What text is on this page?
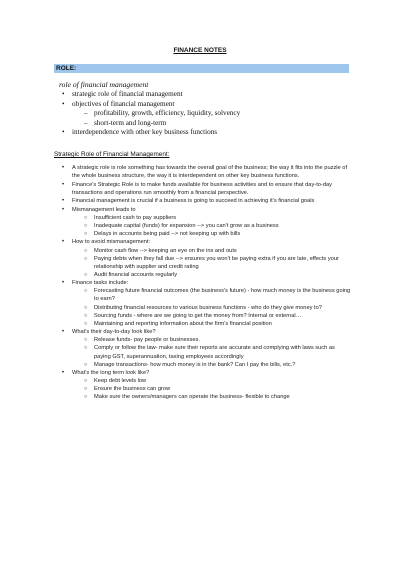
FINANCE NOTES
ROLE:
role of financial management
• strategic role of financial management
• objectives of financial management
– profitability, growth, efficiency, liquidity, solvency
– short-term and long-term
• interdependence with other key business functions
Strategic Role of Financial Management:
• A strategic role is role something has towards the overall goal of the business; the way it fits into the puzzle of the whole business structure, the way it is interdependent on other key business functions.
• Finance's Strategic Role is to make funds available for business activities and to ensure that day-to-day transactions and operations run smoothly from a financial perspective.
• Financial management is crucial if a business is going to succeed in achieving it's financial goals
• Mismanagement leads to
○ Insufficient cash to pay suppliers
○ Inadequate capital (funds) for expansion --> you can't grow as a business
○ Delays in accounts being paid --> not keeping up with bills
• How to avoid mismanagement:
○ Monitor cash flow --> keeping an eye on the ins and outs
○ Paying debts when they fall due --> ensures you won't be paying extra if you are late, effects your relationship with supplier and credit rating
○ Audit financial accounts regularly
• Finance tasks include:
○ Forecasting future financial outcomes (the business's future) - how much money is the business going to earn?
○ Distributing financial resources to various business functions - who do they give money to?
○ Sourcing funds - where are we going to get the money from? Internal or external…
○ Maintaining and reporting information about the firm's financial position
• What's their day-to-day look like?
○ Release funds- pay people or businesses.
○ Comply or follow the law- make sure their reports are accurate and complying with laws such as paying GST, superannuation, taxing employees accordingly
○ Manage transactions- how much money is in the bank? Can I pay the bills, etc.?
• What's the long term look like?
○ Keep debt levels low
○ Ensure the business can grow
○ Make sure the owners/managers can operate the business- flexible to change
